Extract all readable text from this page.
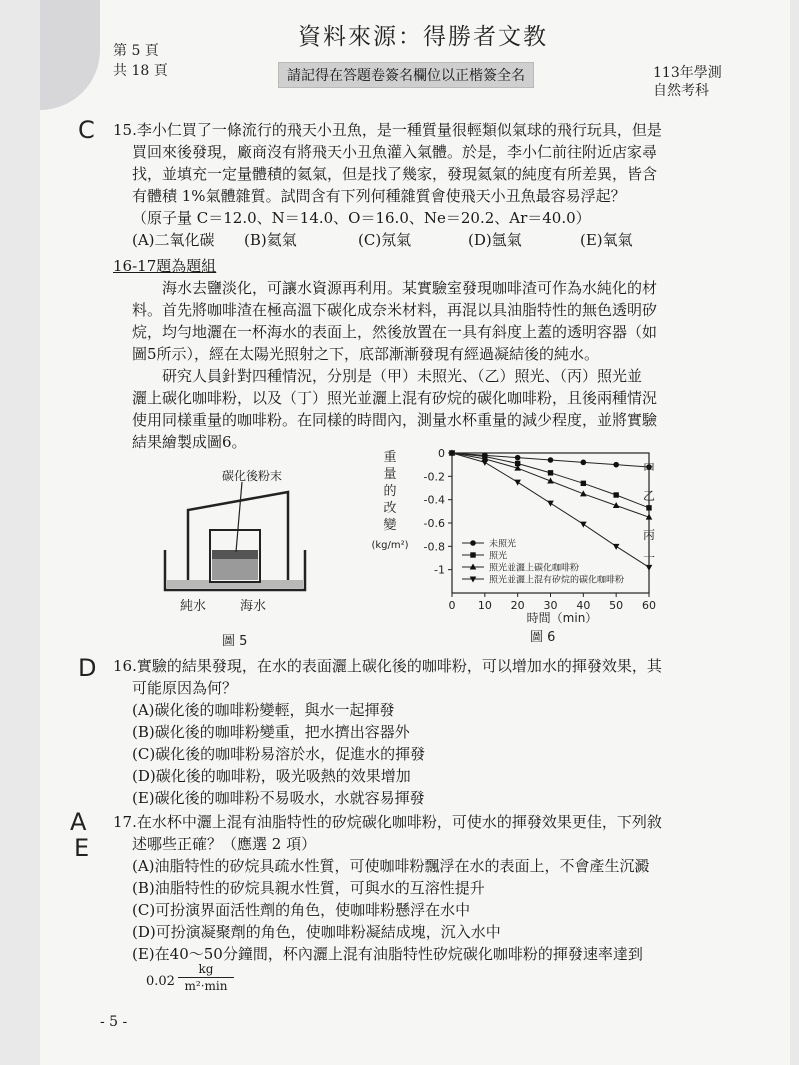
資料來源：得勝者文教
第 5 頁
共 18 頁	請記得在答題卷簽名欄位以正楷簽全名	113年學測
自然考科
C 15.李小仁買了一條流行的飛天小丑魚，是一種質量很輕類似氣球的飛行玩具，但是
買回來後發現，廠商沒有將飛天小丑魚灌入氣體。於是，李小仁前往附近店家尋
找，並填充一定量體積的氦氣，但是找了幾家，發現氦氣的純度有所差異，皆含
有體積 1%氣體雜質。試問含有下列何種雜質會使飛天小丑魚最容易浮起？
（原子量 C＝12.0、N＝14.0、O＝16.0、Ne＝20.2、Ar＝40.0）
(A)二氧化碳 (B)氦氣	(C)氖氣	(D)氬氣	(E)氧氣
16-17題為題組
海水去鹽淡化，可讓水資源再利用。某實驗室發現咖啡渣可作為水純化的材
料。首先將咖啡渣在極高溫下碳化成奈米材料，再混以具油脂特性的無色透明矽
烷，均勻地灑在一杯海水的表面上，然後放置在一具有斜度上蓋的透明容器（如
圖5所示），經在太陽光照射之下，底部漸漸發現有經過凝結後的純水。
研究人員針對四種情況，分別是（甲）未照光、（乙）照光、（丙）照光並
灑上碳化咖啡粉，以及（丁）照光並灑上混有矽烷的碳化咖啡粉，且後兩種情況
使用同樣重量的咖啡粉。在同樣的時間內，測量水杯重量的減少程度，並將實驗
結果繪製成圖6。
碳化後粉末
純水	海水
圖 5
重
量
的
改
變
(kg/m²)
0 10 20 30 40 50 60
0
-0.2
-0.4
-0.6
-0.8
-1
甲
乙
丙
丁
未照光
照光
照光並灑上碳化咖啡粉
照光並灑上混有矽烷的碳化咖啡粉
時間（min）
圖 6
D 16.實驗的結果發現，在水的表面灑上碳化後的咖啡粉，可以增加水的揮發效果，其
可能原因為何？
(A)碳化後的咖啡粉變輕，與水一起揮發
(B)碳化後的咖啡粉變重，把水擠出容器外
(C)碳化後的咖啡粉易溶於水，促進水的揮發
(D)碳化後的咖啡粉，吸光吸熱的效果增加
(E)碳化後的咖啡粉不易吸水，水就容易揮發
A
E
17.在水杯中灑上混有油脂特性的矽烷碳化咖啡粉，可使水的揮發效果更佳，下列敘
述哪些正確？（應選 2 項）
(A)油脂特性的矽烷具疏水性質，可使咖啡粉飄浮在水的表面上，不會產生沉澱
(B)油脂特性的矽烷具親水性質，可與水的互溶性提升
(C)可扮演界面活性劑的角色，使咖啡粉懸浮在水中
(D)可扮演凝聚劑的角色，使咖啡粉凝結成塊，沉入水中
(E)在40～50分鐘間，杯內灑上混有油脂特性矽烷碳化咖啡粉的揮發速率達到
0.02
kg
m²‧min
- 5 -
